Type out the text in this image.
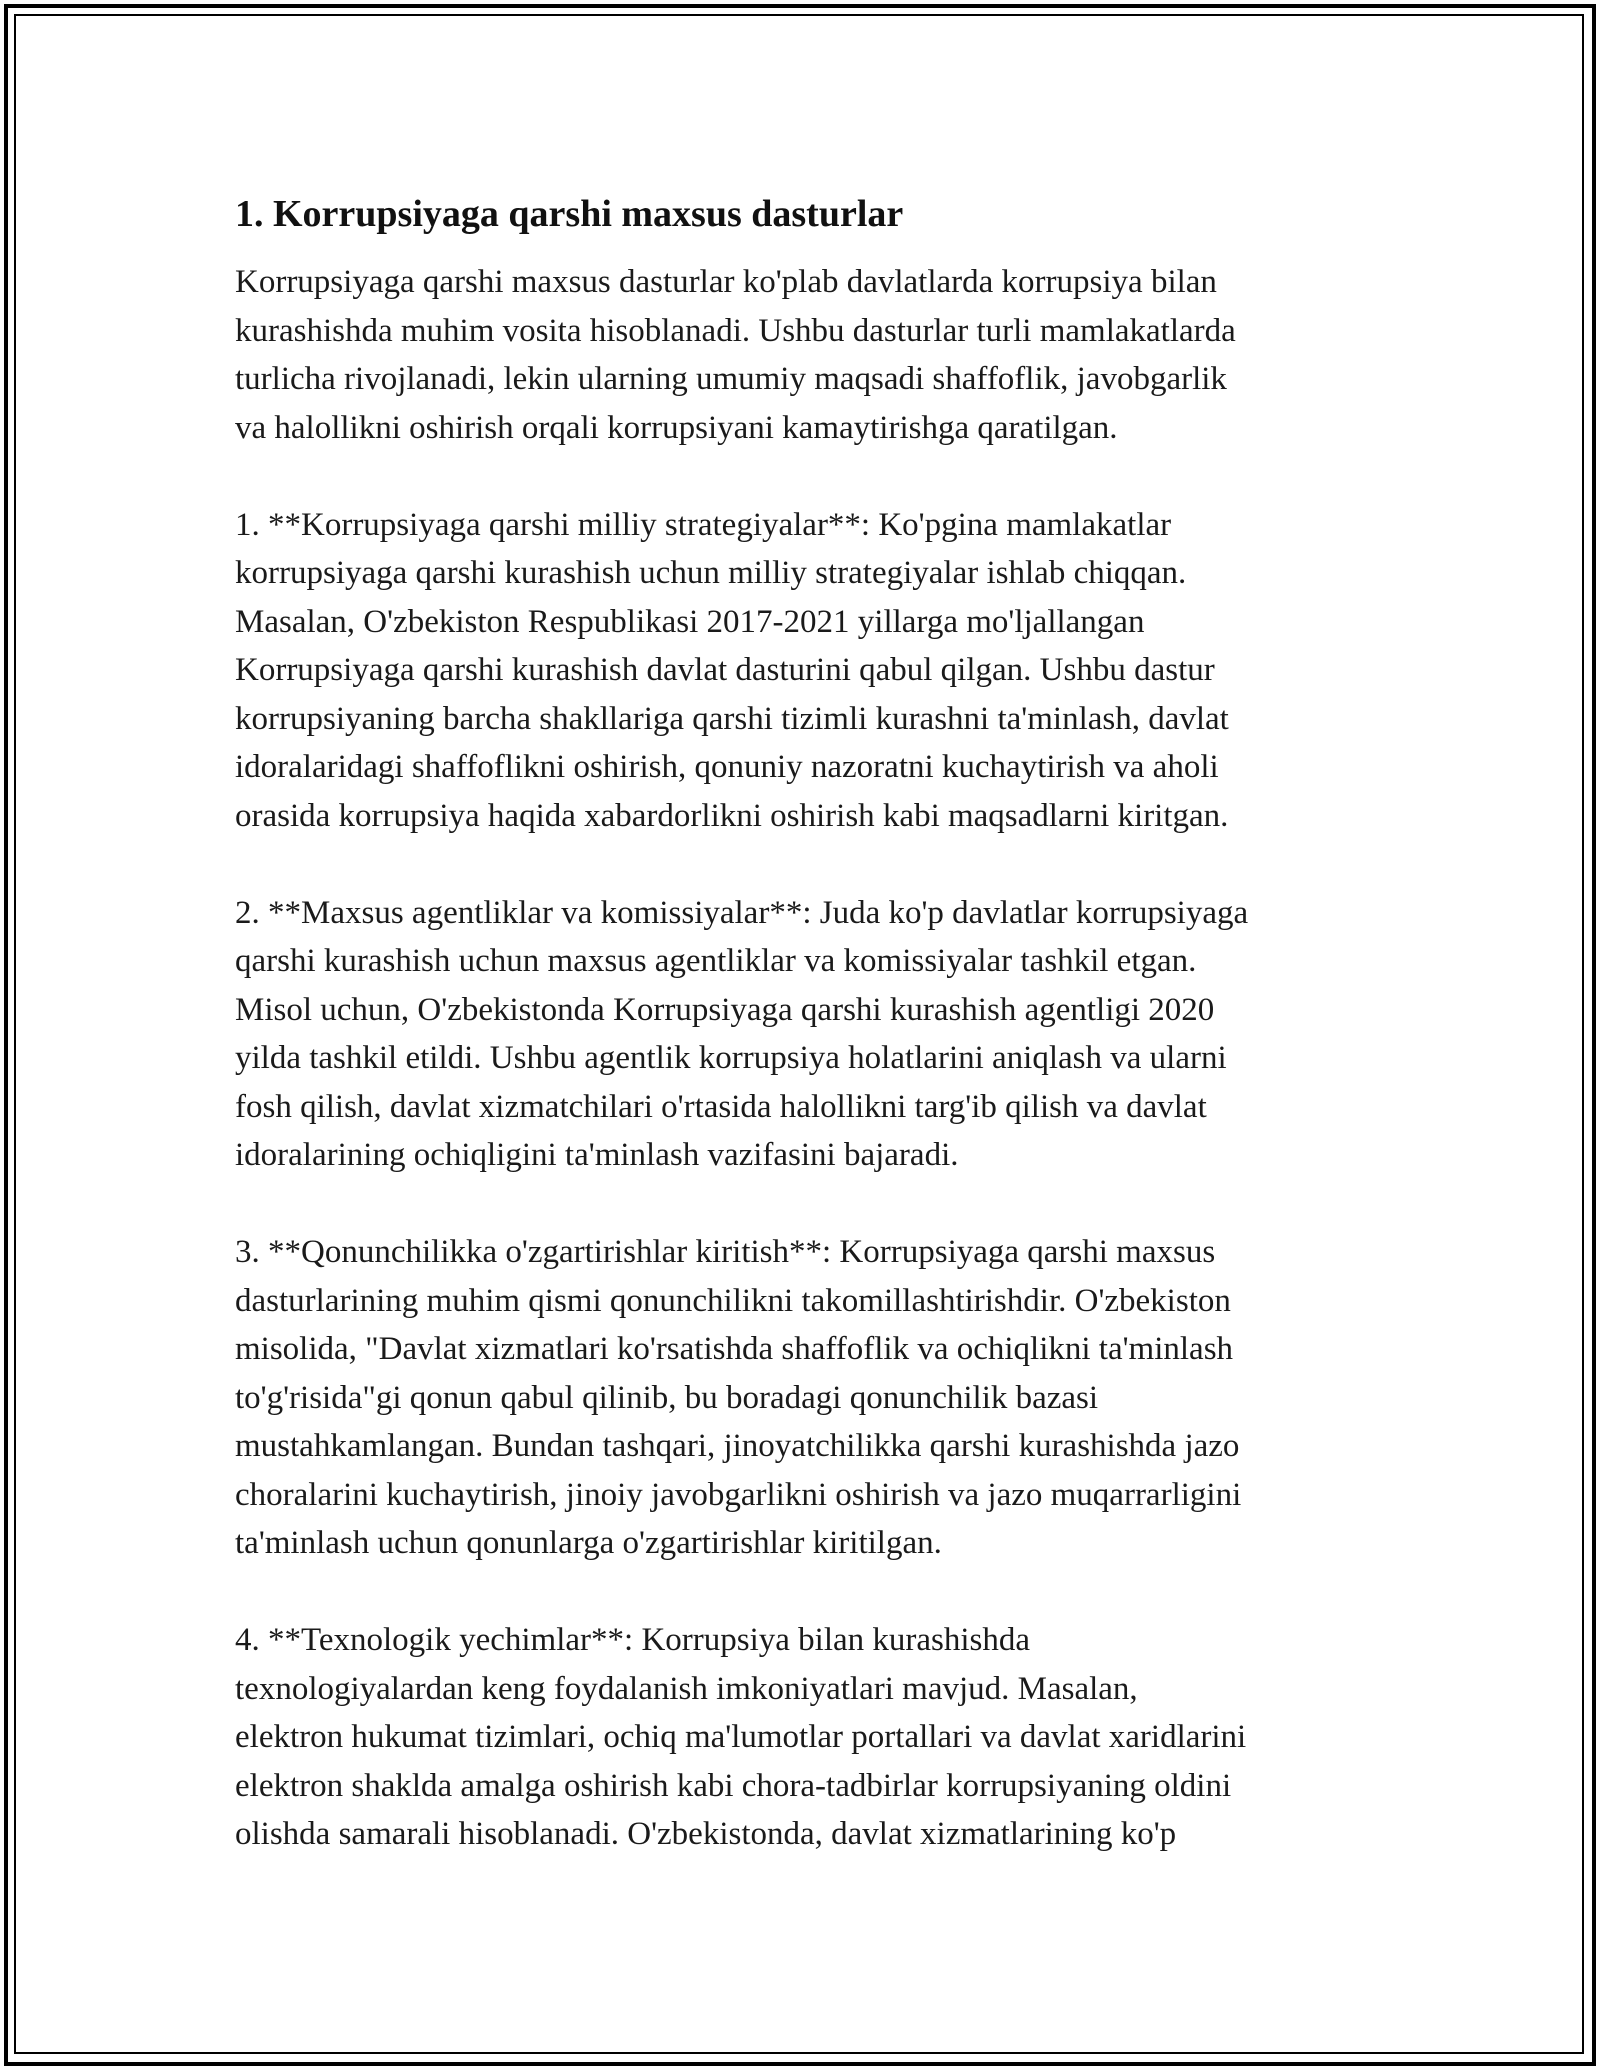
1. Korrupsiyaga qarshi maxsus dasturlar
Korrupsiyaga qarshi maxsus dasturlar ko'plab davlatlarda korrupsiya bilan
kurashishda muhim vosita hisoblanadi. Ushbu dasturlar turli mamlakatlarda
turlicha rivojlanadi, lekin ularning umumiy maqsadi shaffoflik, javobgarlik
va halollikni oshirish orqali korrupsiyani kamaytirishga qaratilgan.
1. **Korrupsiyaga qarshi milliy strategiyalar**: Ko'pgina mamlakatlar
korrupsiyaga qarshi kurashish uchun milliy strategiyalar ishlab chiqqan.
Masalan, O'zbekiston Respublikasi 2017-2021 yillarga mo'ljallangan
Korrupsiyaga qarshi kurashish davlat dasturini qabul qilgan. Ushbu dastur
korrupsiyaning barcha shakllariga qarshi tizimli kurashni ta'minlash, davlat
idoralaridagi shaffoflikni oshirish, qonuniy nazoratni kuchaytirish va aholi
orasida korrupsiya haqida xabardorlikni oshirish kabi maqsadlarni kiritgan.
2. **Maxsus agentliklar va komissiyalar**: Juda ko'p davlatlar korrupsiyaga
qarshi kurashish uchun maxsus agentliklar va komissiyalar tashkil etgan.
Misol uchun, O'zbekistonda Korrupsiyaga qarshi kurashish agentligi 2020
yilda tashkil etildi. Ushbu agentlik korrupsiya holatlarini aniqlash va ularni
fosh qilish, davlat xizmatchilari o'rtasida halollikni targ'ib qilish va davlat
idoralarining ochiqligini ta'minlash vazifasini bajaradi.
3. **Qonunchilikka o'zgartirishlar kiritish**: Korrupsiyaga qarshi maxsus
dasturlarining muhim qismi qonunchilikni takomillashtirishdir. O'zbekiston
misolida, "Davlat xizmatlari ko'rsatishda shaffoflik va ochiqlikni ta'minlash
to'g'risida"gi qonun qabul qilinib, bu boradagi qonunchilik bazasi
mustahkamlangan. Bundan tashqari, jinoyatchilikka qarshi kurashishda jazo
choralarini kuchaytirish, jinoiy javobgarlikni oshirish va jazo muqarrarligini
ta'minlash uchun qonunlarga o'zgartirishlar kiritilgan.
4. **Texnologik yechimlar**: Korrupsiya bilan kurashishda
texnologiyalardan keng foydalanish imkoniyatlari mavjud. Masalan,
elektron hukumat tizimlari, ochiq ma'lumotlar portallari va davlat xaridlarini
elektron shaklda amalga oshirish kabi chora-tadbirlar korrupsiyaning oldini
olishda samarali hisoblanadi. O'zbekistonda, davlat xizmatlarining ko'p
